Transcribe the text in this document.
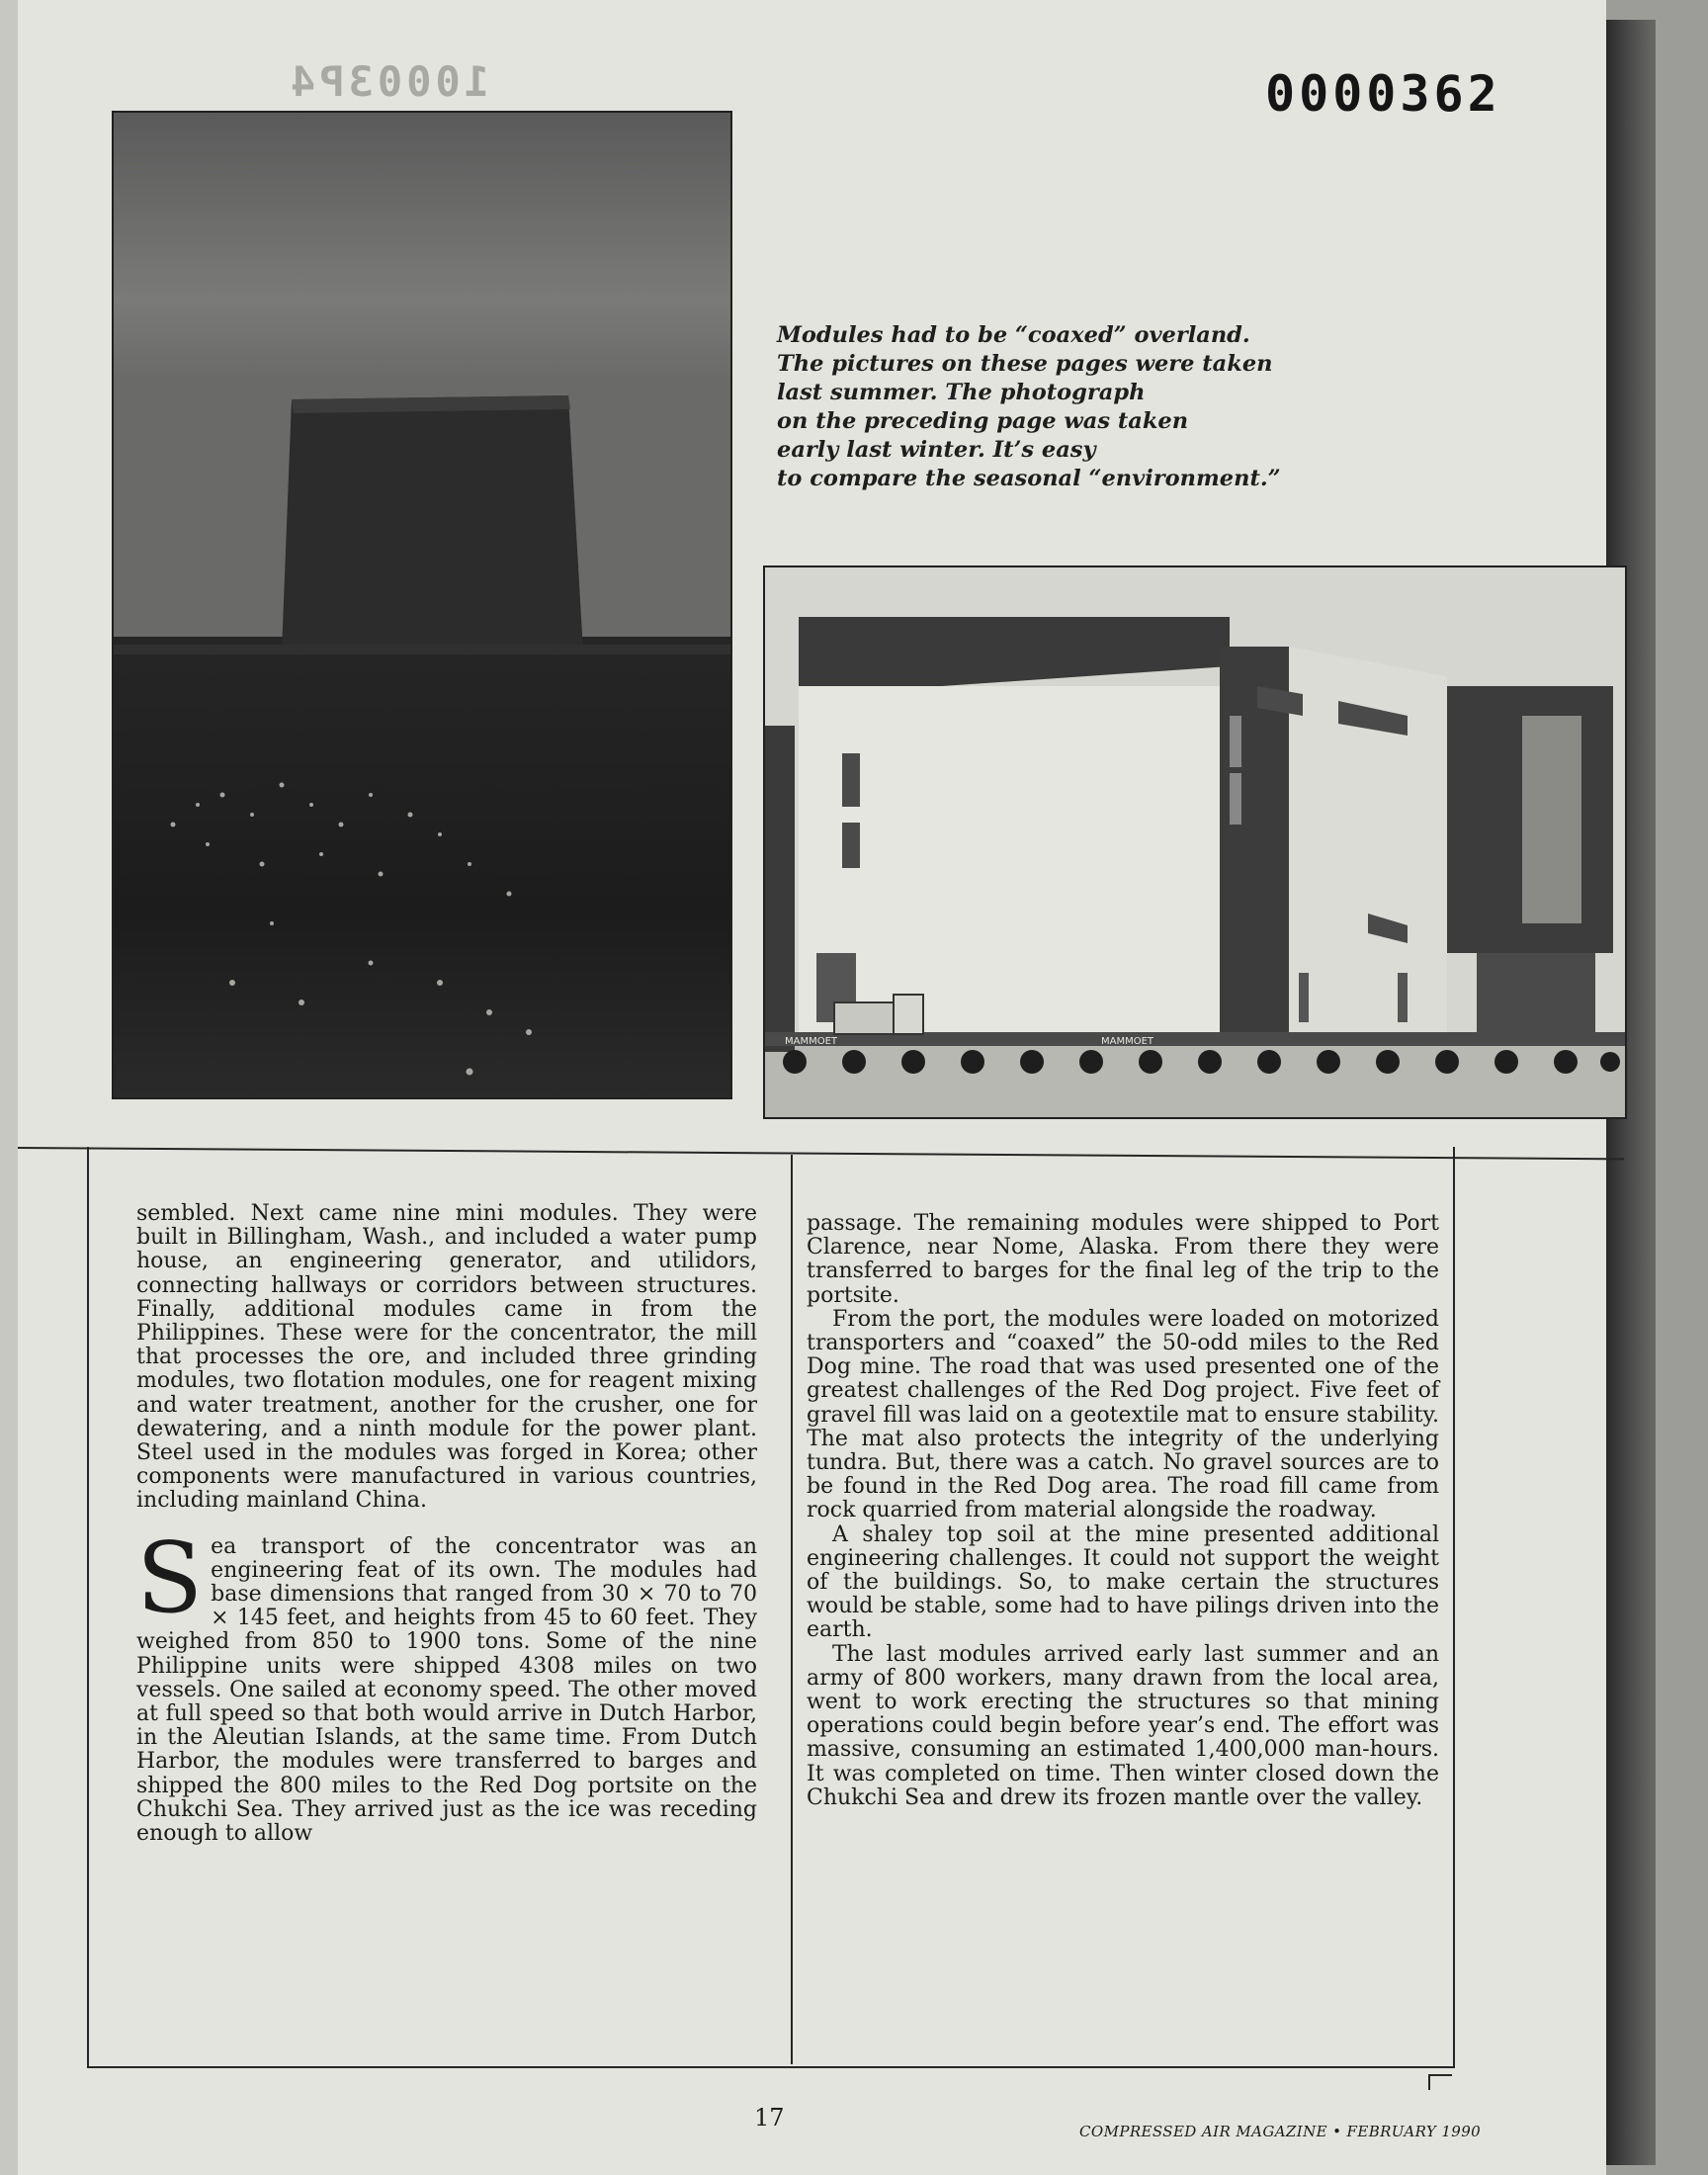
10003P4	0000362
Modules had to be “coaxed” overland.
The pictures on these pages were taken
last summer. The photograph
on the preceding page was taken
early last winter. It’s easy
to compare the seasonal “environment.”
MAMMOET	MAMMOET

sembled. Next came nine mini modules. They were built in Billingham, Wash., and included a water pump house, an engineering generator, and utilidors, connecting hallways or corridors between structures. Finally, additional modules came in from the Philippines. These were for the concentrator, the mill that processes the ore, and included three grinding modules, two flotation modules, one for reagent mixing and water treatment, another for the crusher, one for dewatering, and a ninth module for the power plant. Steel used in the modules was forged in Korea; other components were manufactured in various countries, including mainland China.

Sea transport of the concentrator was an engineering feat of its own. The modules had base dimensions that ranged from 30 × 70 to 70 × 145 feet, and heights from 45 to 60 feet. They weighed from 850 to 1900 tons. Some of the nine Philippine units were shipped 4308 miles on two vessels. One sailed at economy speed. The other moved at full speed so that both would arrive in Dutch Harbor, in the Aleutian Islands, at the same time. From Dutch Harbor, the modules were transferred to barges and shipped the 800 miles to the Red Dog portsite on the Chukchi Sea. They arrived just as the ice was receding enough to allow

passage. The remaining modules were shipped to Port Clarence, near Nome, Alaska. From there they were transferred to barges for the final leg of the trip to the portsite.

From the port, the modules were loaded on motorized transporters and “coaxed” the 50-odd miles to the Red Dog mine. The road that was used presented one of the greatest challenges of the Red Dog project. Five feet of gravel fill was laid on a geotextile mat to ensure stability. The mat also protects the integrity of the underlying tundra. But, there was a catch. No gravel sources are to be found in the Red Dog area. The road fill came from rock quarried from material alongside the roadway.

A shaley top soil at the mine presented additional engineering challenges. It could not support the weight of the buildings. So, to make certain the structures would be stable, some had to have pilings driven into the earth.

The last modules arrived early last summer and an army of 800 workers, many drawn from the local area, went to work erecting the structures so that mining operations could begin before year’s end. The effort was massive, consuming an estimated 1,400,000 man-hours. It was completed on time. Then winter closed down the Chukchi Sea and drew its frozen mantle over the valley.

17	COMPRESSED AIR MAGAZINE • FEBRUARY 1990
